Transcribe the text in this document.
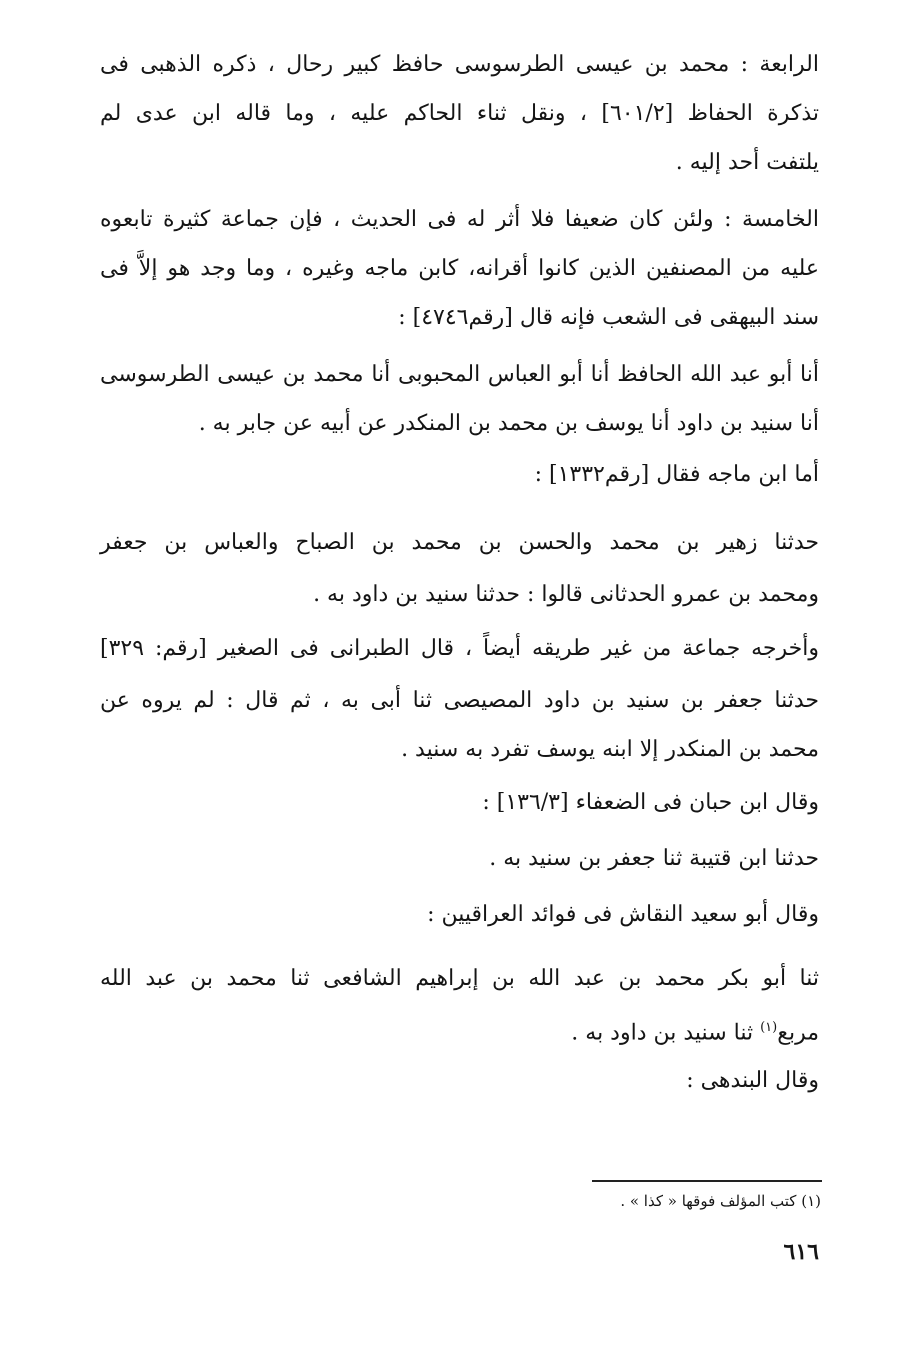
الرابعة : محمد بن عيسى الطرسوسى حافظ كبير رحال ، ذكره الذهبى فى
تذكرة الحفاظ [٦٠١/٢] ، ونقل ثناء الحاكم عليه ، وما قاله ابن عدى لم
يلتفت أحد إليه .
الخامسة : ولئن كان ضعيفا فلا أثر له فى الحديث ، فإن جماعة كثيرة تابعوه
عليه من المصنفين الذين كانوا أقرانه، كابن ماجه وغيره ، وما وجد هو إلاَّ فى
سند البيهقى فى الشعب فإنه قال [رقم٤٧٤٦] :
أنا أبو عبد الله الحافظ أنا أبو العباس المحبوبى أنا محمد بن عيسى الطرسوسى
أنا سنيد بن داود أنا يوسف بن محمد بن المنكدر عن أبيه عن جابر به .
أما ابن ماجه فقال [رقم١٣٣٢] :
حدثنا زهير بن محمد والحسن بن محمد بن الصباح والعباس بن جعفر
ومحمد بن عمرو الحدثانى قالوا : حدثنا سنيد بن داود به .
وأخرجه جماعة من غير طريقه أيضاً ، قال الطبرانى فى الصغير [رقم: ٣٢٩]
حدثنا جعفر بن سنيد بن داود المصيصى ثنا أبى به ، ثم قال : لم يروه عن
محمد بن المنكدر إلا ابنه يوسف تفرد به سنيد .
وقال ابن حبان فى الضعفاء [١٣٦/٣] :
حدثنا ابن قتيبة ثنا جعفر بن سنيد به .
وقال أبو سعيد النقاش فى فوائد العراقيين :
ثنا أبو بكر محمد بن عبد الله بن إبراهيم الشافعى ثنا محمد بن عبد الله
مربع$^{(١)}$ ثنا سنيد بن داود به .
وقال البندهى :
(١) كتب المؤلف فوقها « كذا » .
٦١٦
